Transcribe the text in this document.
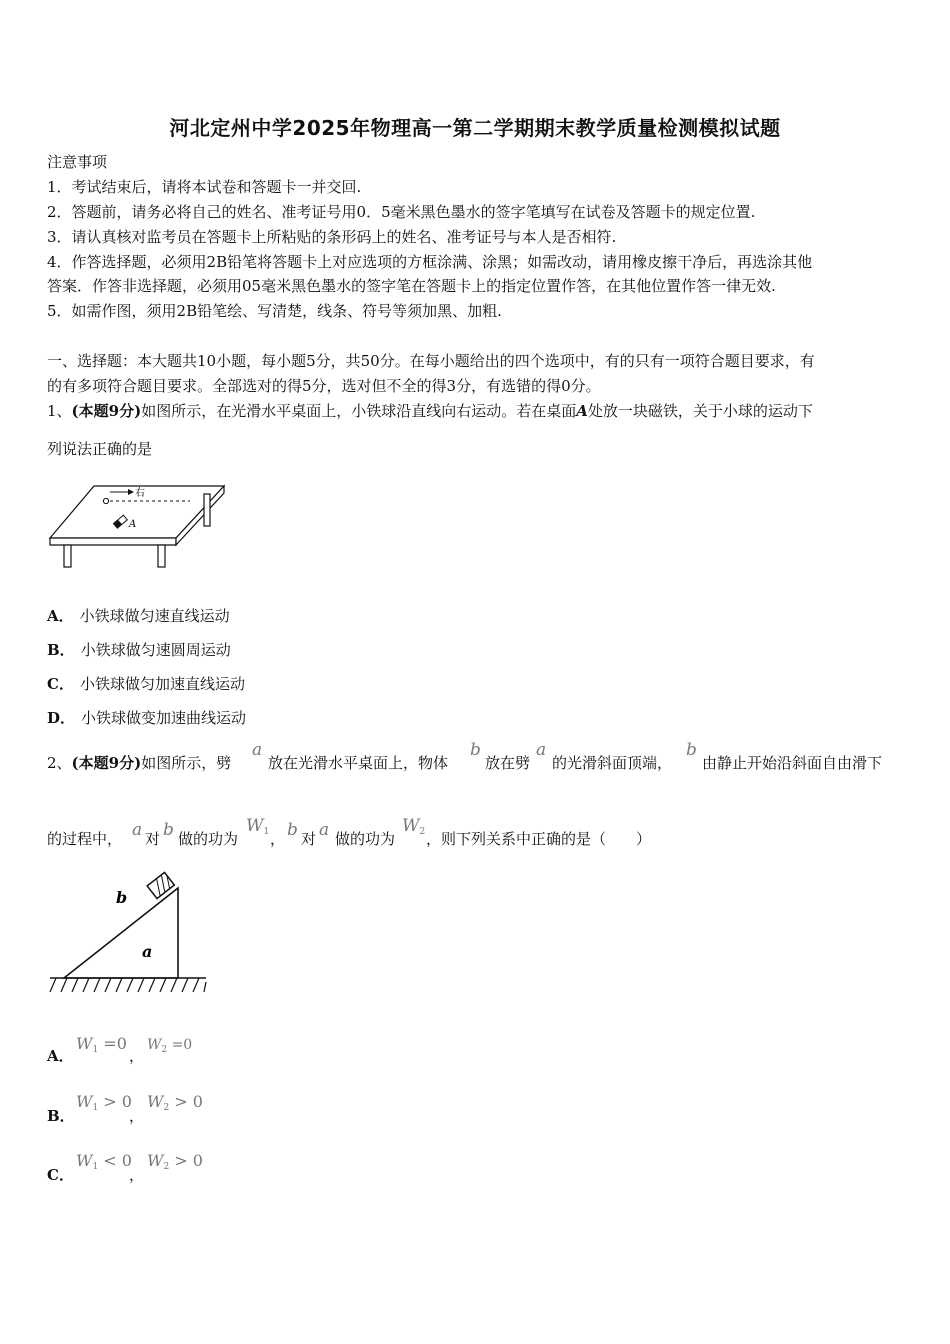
河北定州中学2025年物理高一第二学期期末教学质量检测模拟试题
注意事项
1．考试结束后，请将本试卷和答题卡一并交回.
2．答题前，请务必将自己的姓名、准考证号用0．5毫米黑色墨水的签字笔填写在试卷及答题卡的规定位置.
3．请认真核对监考员在答题卡上所粘贴的条形码上的姓名、准考证号与本人是否相符.
4．作答选择题，必须用2B铅笔将答题卡上对应选项的方框涂满、涂黑；如需改动，请用橡皮擦干净后，再选涂其他
答案．作答非选择题，必须用05毫米黑色墨水的签字笔在答题卡上的指定位置作答，在其他位置作答一律无效.
5．如需作图，须用2B铅笔绘、写清楚，线条、符号等须加黑、加粗.
一、选择题：本大题共10小题，每小题5分，共50分。在每小题给出的四个选项中，有的只有一项符合题目要求，有
的有多项符合题目要求。全部选对的得5分，选对但不全的得3分，有选错的得0分。
1、(本题9分)如图所示，在光滑水平桌面上，小铁球沿直线向右运动。若在桌面A处放一块磁铁，关于小球的运动下
列说法正确的是
右
A
A． 小铁球做匀速直线运动
B． 小铁球做匀速圆周运动
C． 小铁球做匀加速直线运动
D． 小铁球做变加速曲线运动
2、(本题9分)如图所示，劈
a
放在光滑水平桌面上，物体
b
放在劈
a
的光滑斜面顶端，
b
由静止开始沿斜面自由滑下
的过程中， a 对 b 做的功为
$W_1$ ， b 对 a 做的功为
$W_2$ ，则下列关系中正确的是（　　）
b
a
A．
$W_1 =0$
，
$W_2 =0$
B．
$W_1 > 0$
，
$W_2 > 0$
C．
$W_1 < 0$
，
$W_2 > 0$
